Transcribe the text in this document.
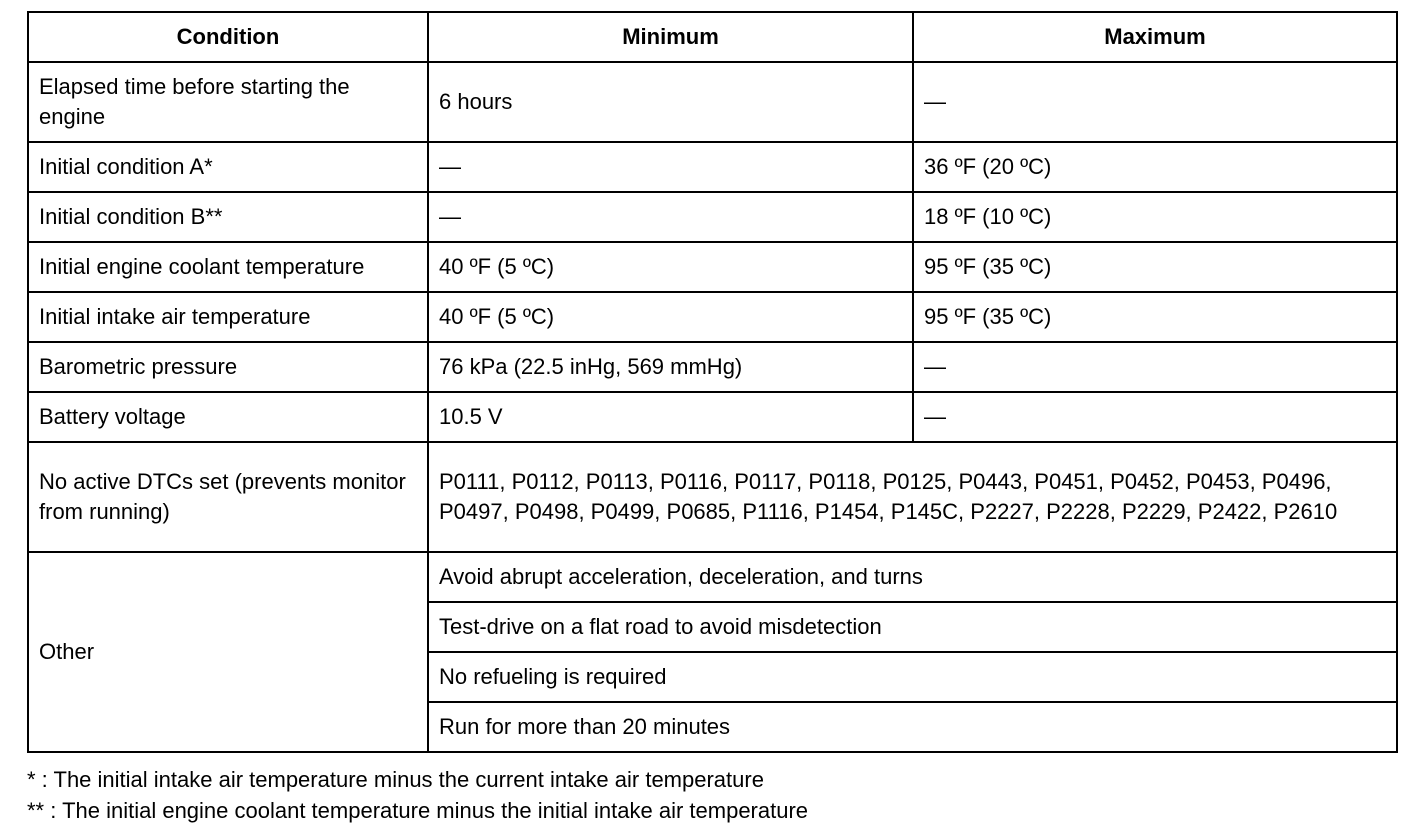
Condition	Minimum	Maximum
Elapsed time before starting the engine	6 hours	—
Initial condition A*	—	36 ºF (20 ºC)
Initial condition B**	—	18 ºF (10 ºC)
Initial engine coolant temperature	40 ºF (5 ºC)	95 ºF (35 ºC)
Initial intake air temperature	40 ºF (5 ºC)	95 ºF (35 ºC)
Barometric pressure	76 kPa (22.5 inHg, 569 mmHg)	—
Battery voltage	10.5 V	—
No active DTCs set (prevents monitor from running)	P0111, P0112, P0113, P0116, P0117, P0118, P0125, P0443, P0451, P0452, P0453, P0496, P0497, P0498, P0499, P0685, P1116, P1454, P145C, P2227, P2228, P2229, P2422, P2610	
Other	Avoid abrupt acceleration, deceleration, and turns	
	Test-drive on a flat road to avoid misdetection	
	No refueling is required	
	Run for more than 20 minutes	
* : The initial intake air temperature minus the current intake air temperature
** : The initial engine coolant temperature minus the initial intake air temperature
